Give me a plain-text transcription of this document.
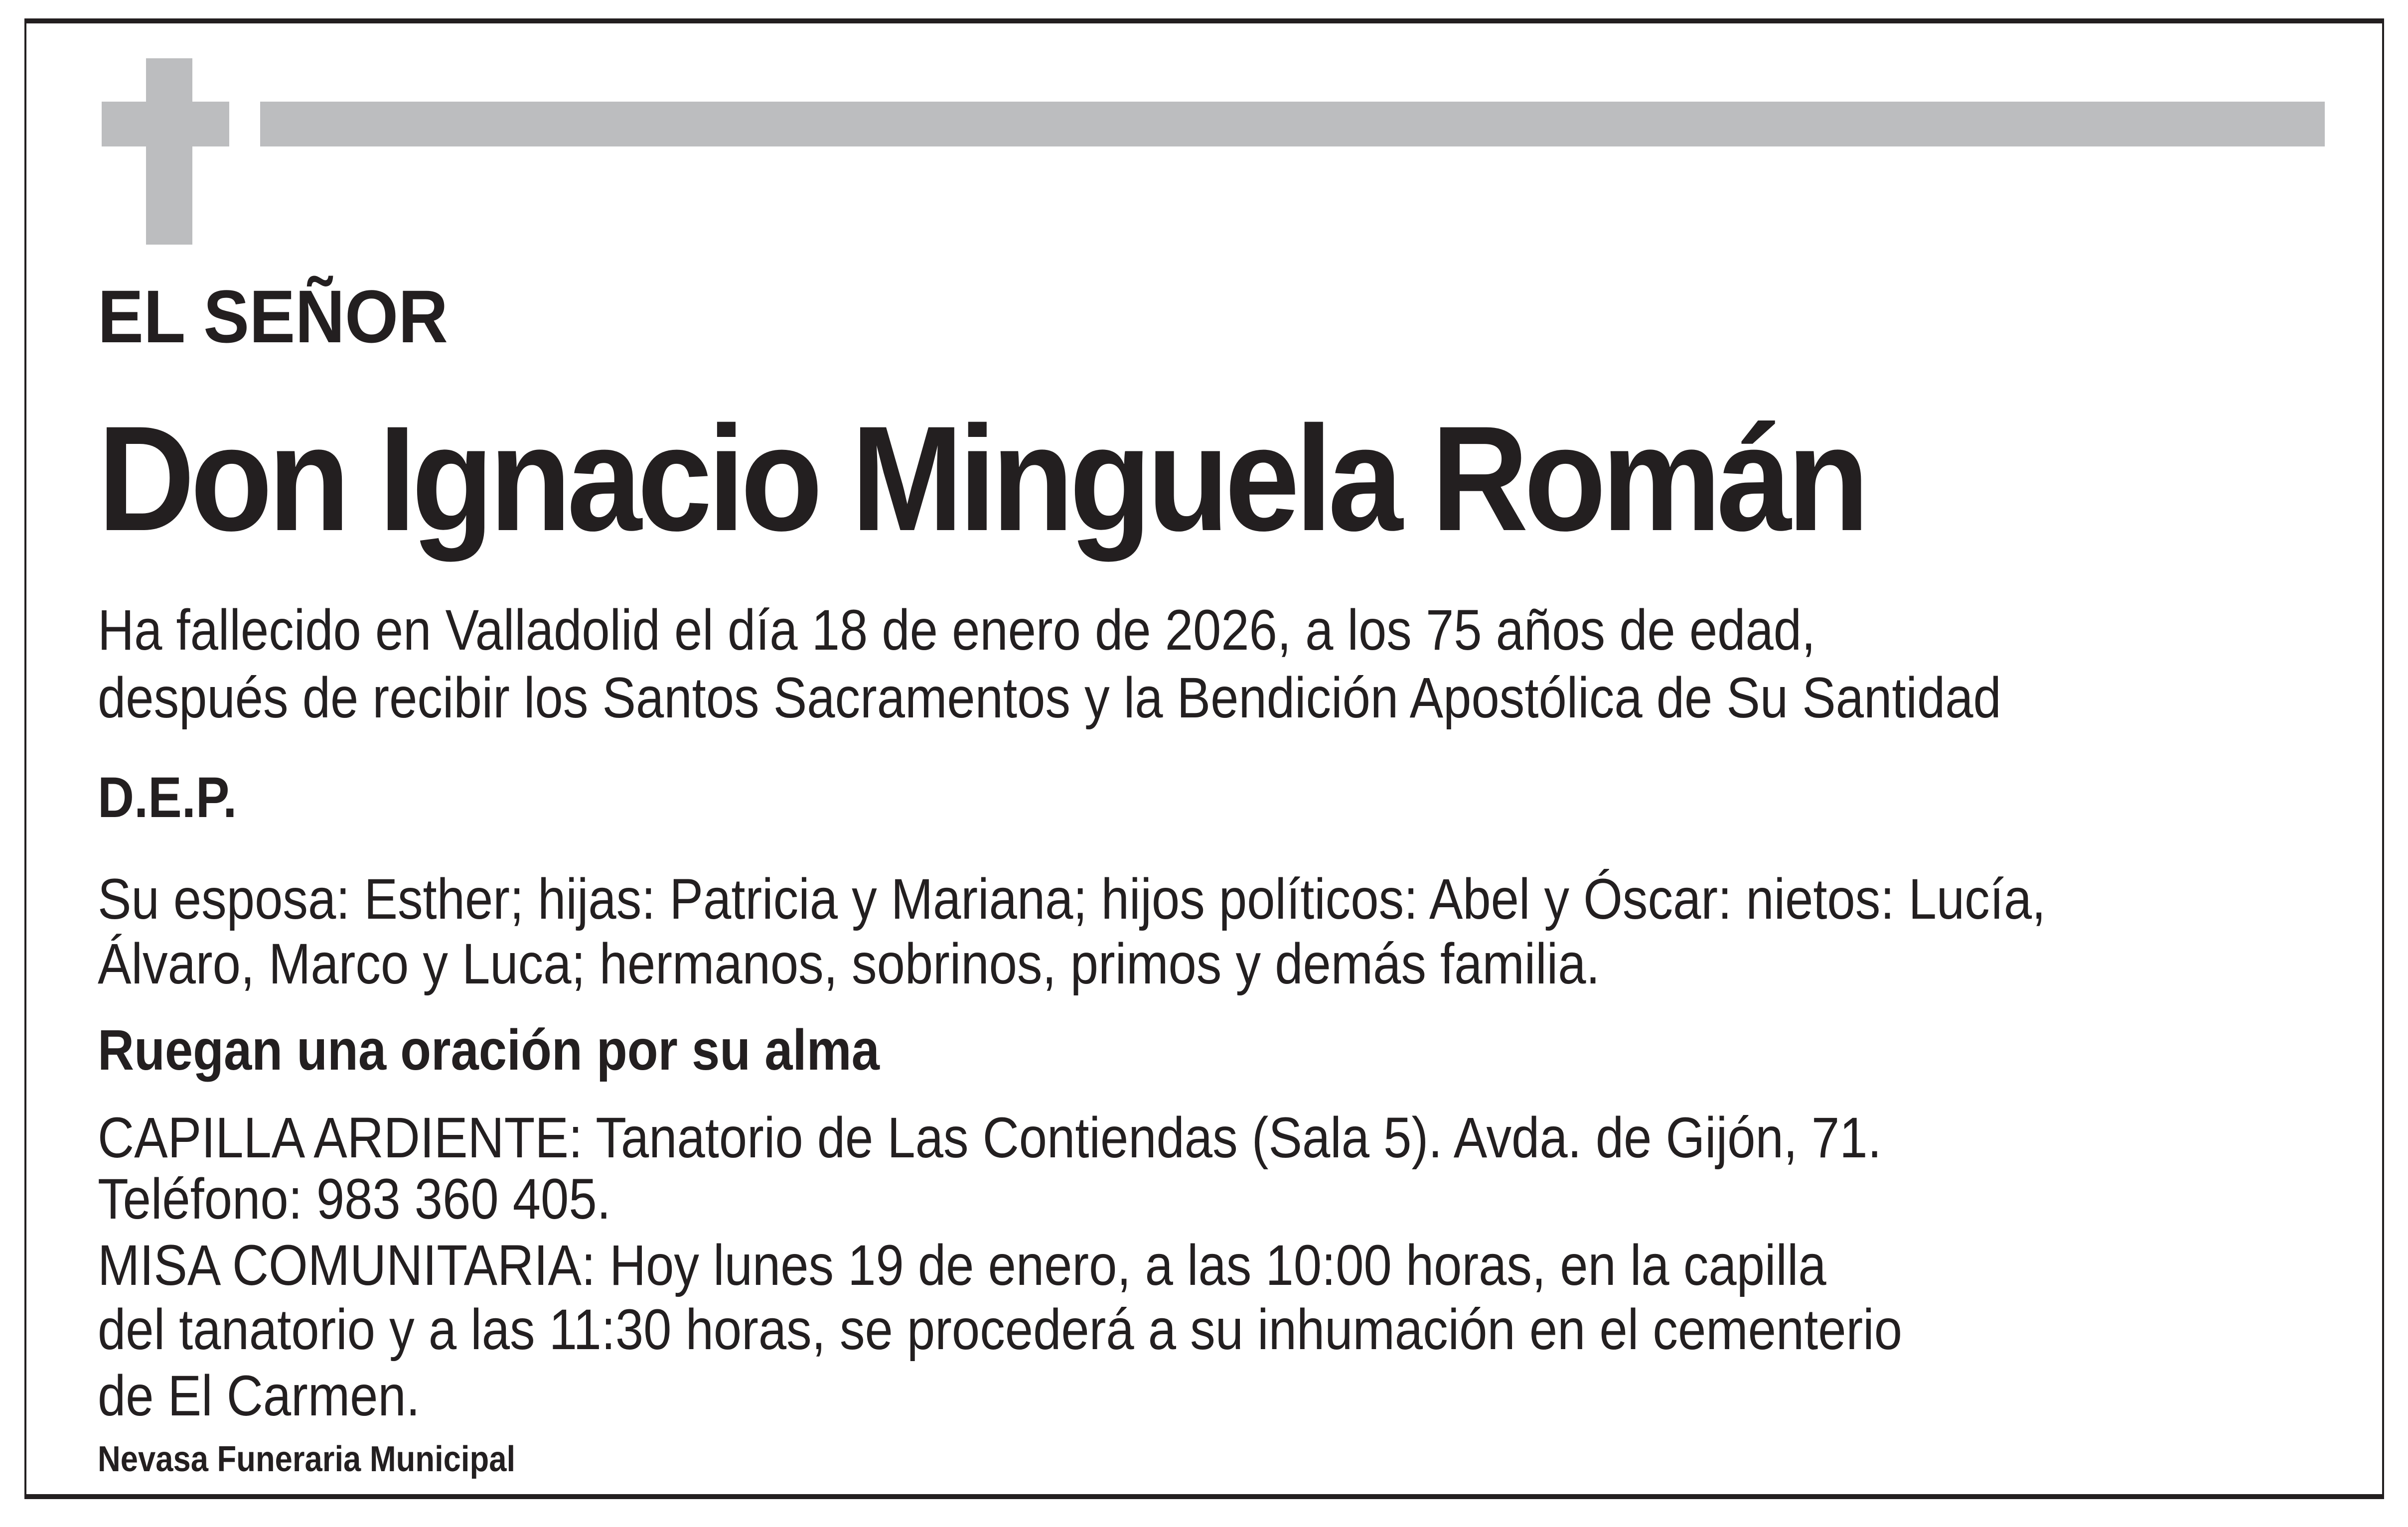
EL SEÑOR
Don Ignacio Minguela Román
Ha fallecido en Valladolid el día 18 de enero de 2026, a los 75 años de edad,
después de recibir los Santos Sacramentos y la Bendición Apostólica de Su Santidad
D.E.P.
Su esposa: Esther; hijas: Patricia y Mariana; hijos políticos: Abel y Óscar: nietos: Lucía,
Álvaro, Marco y Luca; hermanos, sobrinos, primos y demás familia.
Ruegan una oración por su alma
CAPILLA ARDIENTE: Tanatorio de Las Contiendas (Sala 5). Avda. de Gijón, 71.
Teléfono: 983 360 405.
MISA COMUNITARIA: Hoy lunes 19 de enero, a las 10:00 horas, en la capilla
del tanatorio y a las 11:30 horas, se procederá a su inhumación en el cementerio
de El Carmen.
Nevasa Funeraria Municipal
